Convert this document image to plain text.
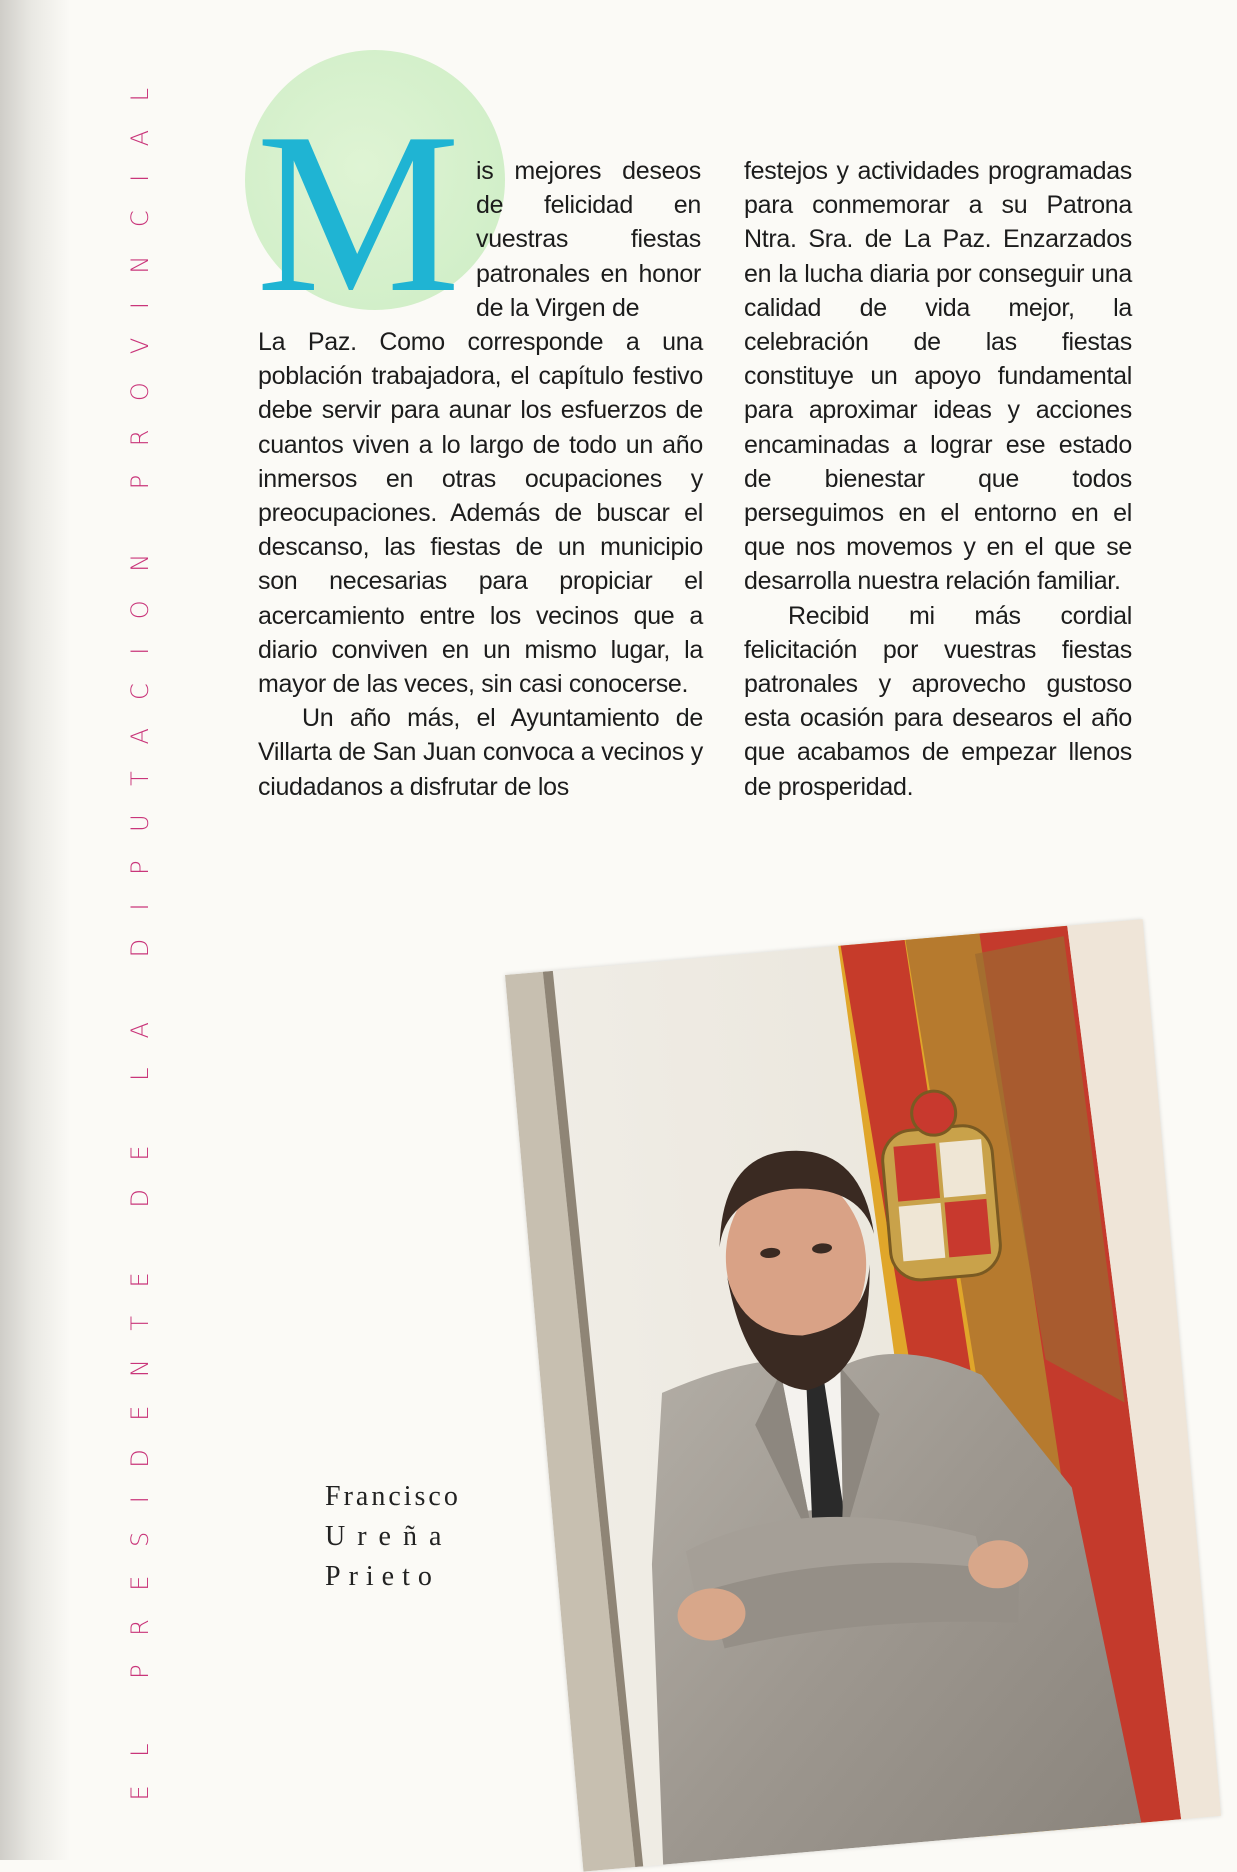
EL PRESIDENTE DE LA DIPUTACION PROVINCIAL M is mejores deseos de felicidad en vuestras fiestas patronales en honor de la Virgen de

La Paz. Como corresponde a una población trabajadora, el capítulo festivo debe servir para aunar los esfuerzos de cuantos viven a lo largo de todo un año inmersos en otras ocupaciones y preocupaciones. Además de buscar el descanso, las fiestas de un municipio son necesarias para propiciar el acercamiento entre los vecinos que a diario conviven en un mismo lugar, la mayor de las veces, sin casi conocerse.

Un año más, el Ayuntamiento de Villarta de San Juan convoca a vecinos y ciudadanos a disfrutar de los

festejos y actividades programadas para conmemorar a su Patrona Ntra. Sra. de La Paz. Enzarzados en la lucha diaria por conseguir una calidad de vida mejor, la celebración de las fiestas constituye un apoyo fundamental para aproximar ideas y acciones encaminadas a lograr ese estado de bienestar que todos perseguimos en el entorno en el que nos movemos y en el que se desarrolla nuestra relación familiar.

Recibid mi más cordial felicitación por vuestras fiestas patronales y aprovecho gustoso esta ocasión para desearos el año que acabamos de empezar llenos de prosperidad.

Francisco
Ureña
Prieto
